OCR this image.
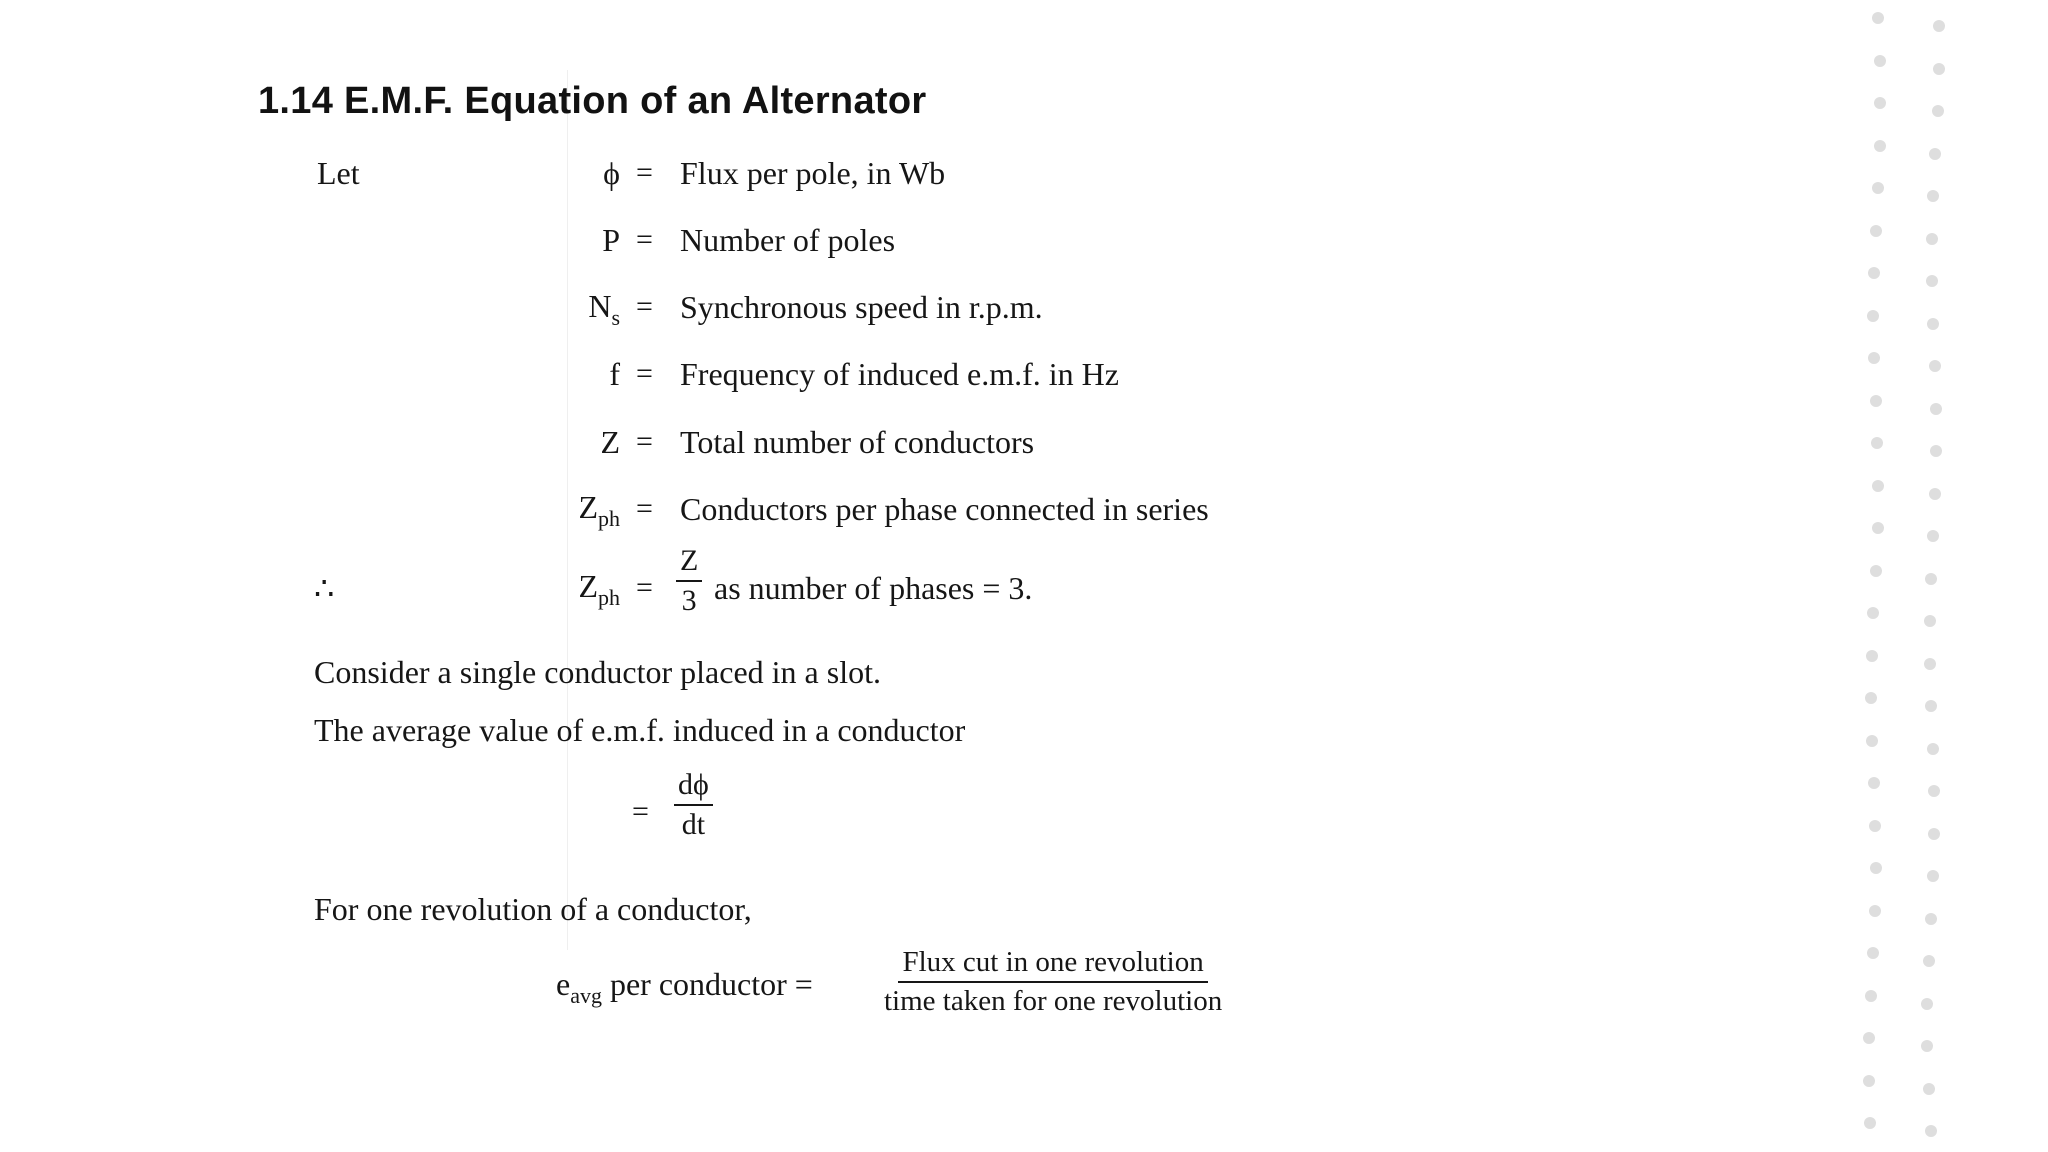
1.14 E.M.F. Equation of an Alternator
Let	ϕ = Flux per pole, in Wb
P = Number of poles
$N_s$ = Synchronous speed in r.p.m.
f = Frequency of induced e.m.f. in Hz
Z = Total number of conductors
$Z_{ph}$ = Conductors per phase connected in series
∴	$Z_{ph} = \frac{Z}{3}$ as number of phases = 3.
Consider a single conductor placed in a slot.
The average value of e.m.f. induced in a conductor
= $\frac{d\phi}{dt}$
For one revolution of a conductor,
$e_{avg}$ per conductor =
Flux cut in one revolution
time taken for one revolution
